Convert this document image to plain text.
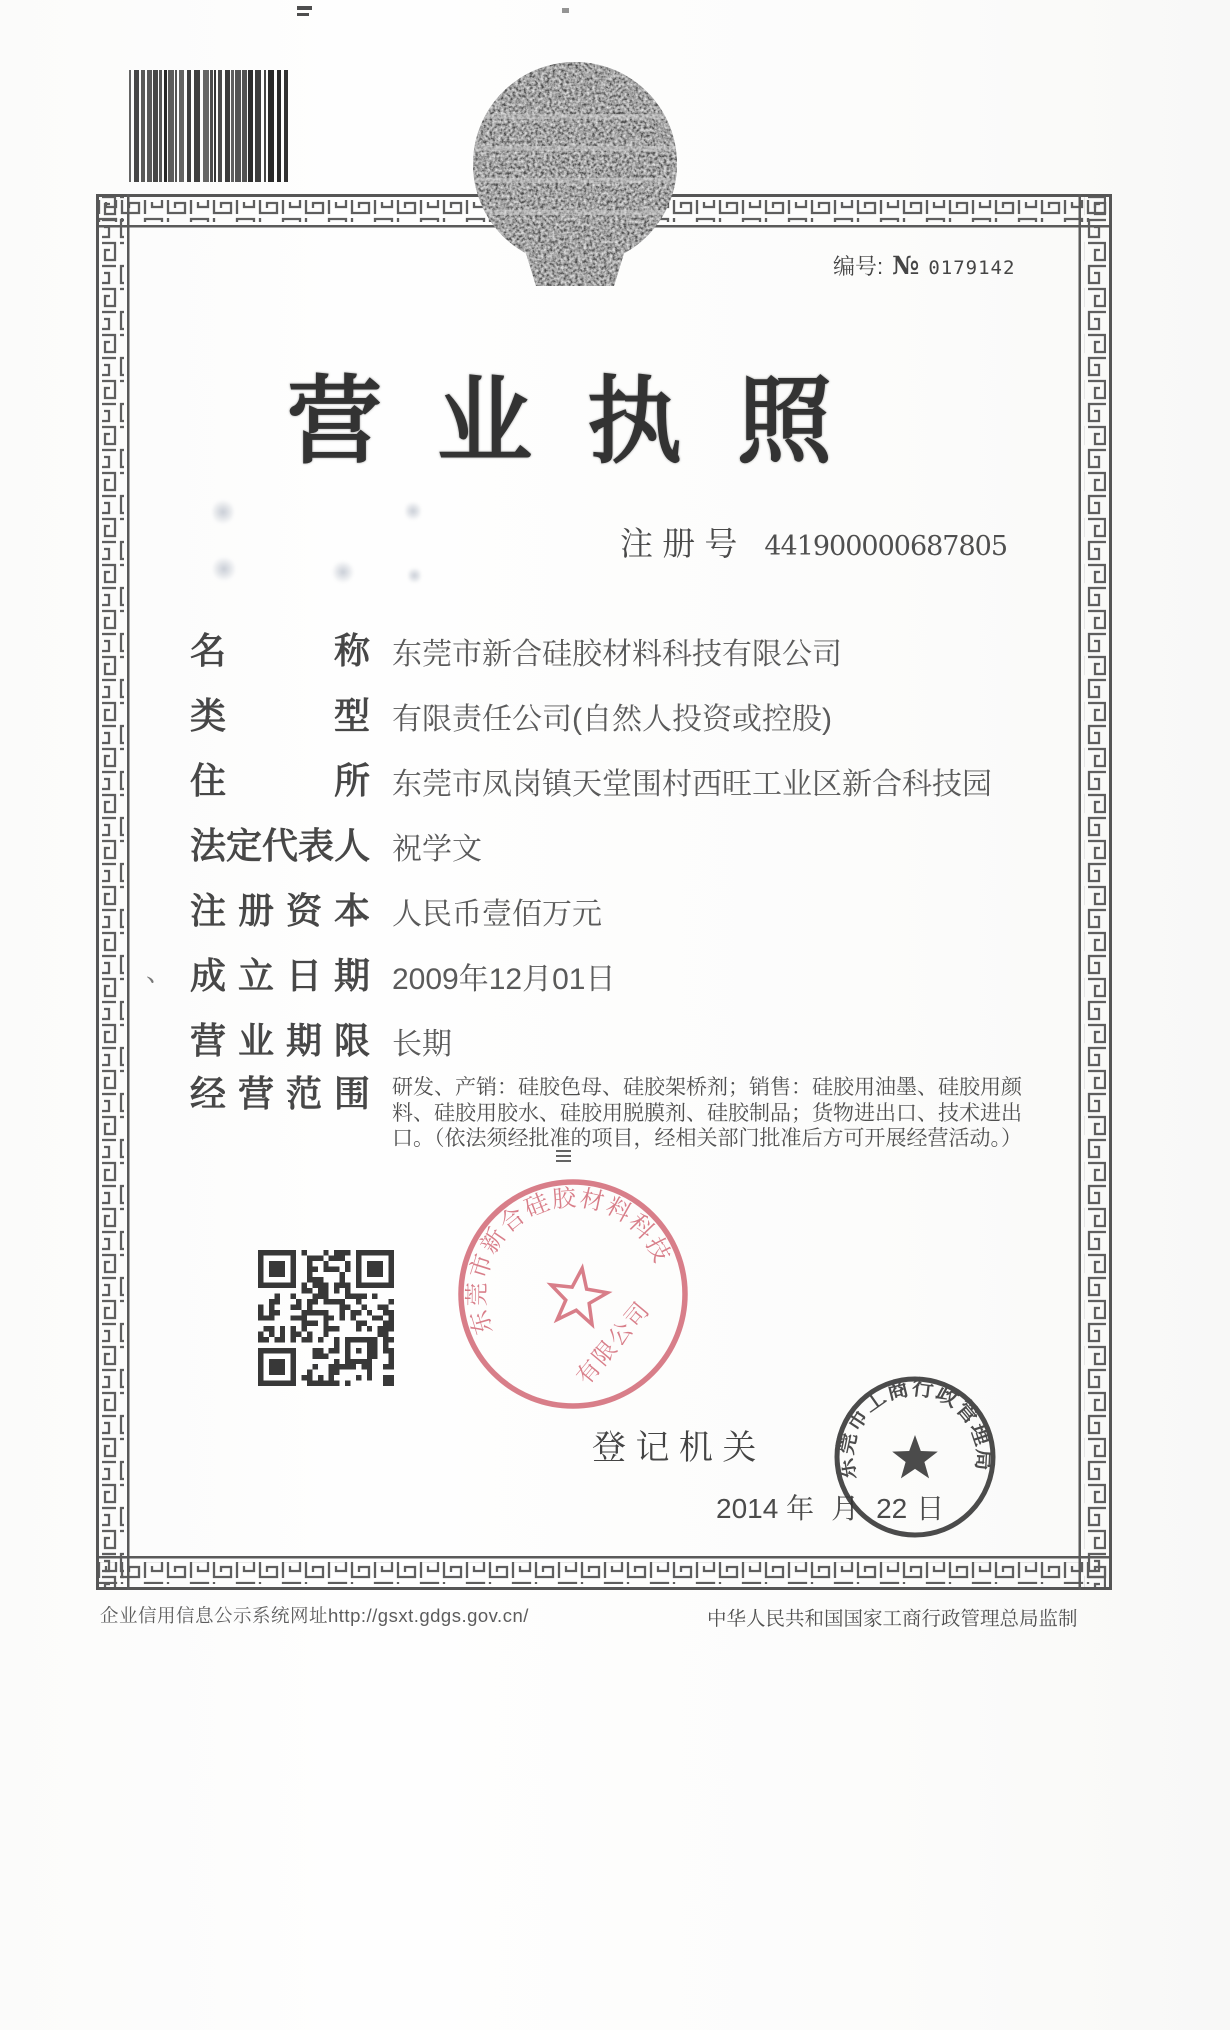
编号: № 0179142
营业执照
注 册 号 441900000687805
名	称 东莞市新合硅胶材料科技有限公司
类	型 有限责任公司(自然人投资或控股)
住	所 东莞市凤岗镇天堂围村西旺工业区新合科技园
法 定 代 表 人 祝学文
注 册 资 本 人民币壹佰万元
成 立 日 期 2009年12月01日
营 业 期 限 长期
经 营 范 围 研发、产销：硅胶色母、硅胶架桥剂；销售：硅胶用油墨、硅胶用颜料、硅胶用胶水、硅胶用脱膜剂、硅胶制品；货物进出口、技术进出口。（依法须经批准的项目，经相关部门批准后方可开展经营活动。）
、
东莞市新合硅胶材料科技
有限公司
登 记 机 关
2014 年 月 22 日
东莞市工商行政管理局
企业信用信息公示系统网址http://gsxt.gdgs.gov.cn/	中华人民共和国国家工商行政管理总局监制
